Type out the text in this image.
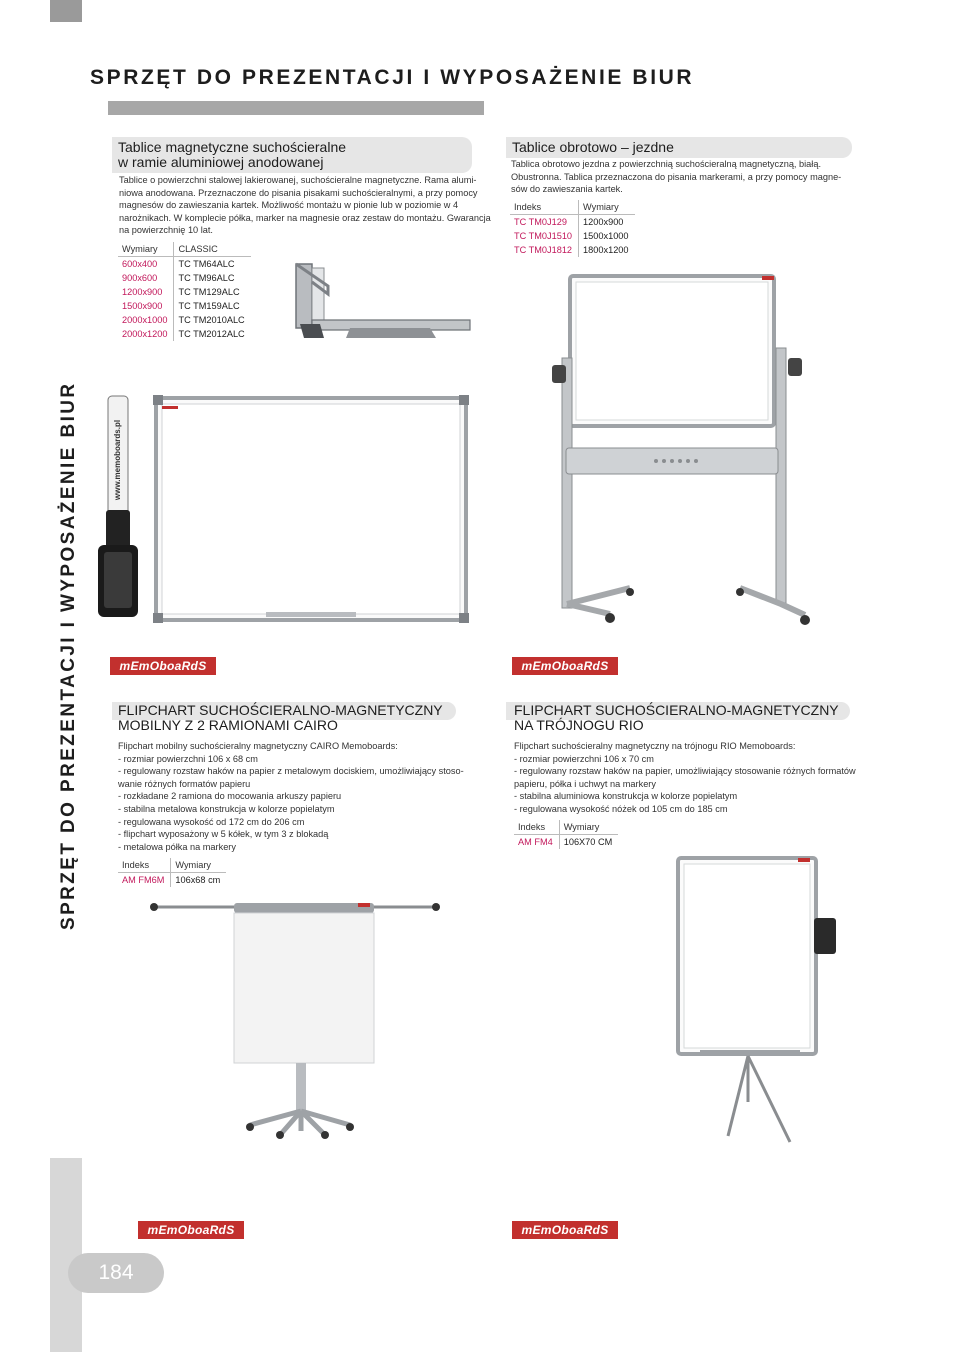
SPRZĘT DO PREZENTACJI I WYPOSAŻENIE BIUR
SPRZĘT DO PREZENTACJI I WYPOSAŻENIE BIUR
184
Tablice magnetyczne suchościeralne
w ramie aluminiowej anodowanej
Tablice o powierzchni stalowej lakierowanej, suchościeralne magnetyczne. Rama alumi-
niowa anodowana. Przeznaczone do pisania pisakami suchościeralnymi, a przy pomocy
magnesów do zawieszania kartek. Możliwość montażu w pionie lub w poziomie w 4
narożnikach. W komplecie półka, marker na magnesie oraz zestaw do montażu. Gwarancja
na powierzchnię 10 lat.
Wymiary	CLASSIC
600x400	TC TM64ALC
900x600	TC TM96ALC
1200x900	TC TM129ALC
1500x900	TC TM159ALC
2000x1000	TC TM2010ALC
2000x1200	TC TM2012ALC
www.memoboards.pl
mEmOboaRdS
Tablice obrotowo – jezdne
Tablica obrotowo jezdna z powierzchnią suchościeralną magnetyczną, białą.
Obustronna. Tablica przeznaczona do pisania markerami, a przy pomocy magne-
sów do zawieszania kartek.
Indeks	Wymiary
TC TM0J129	1200x900
TC TM0J1510	1500x1000
TC TM0J1812	1800x1200
mEmOboaRdS
FLIPCHART SUCHOŚCIERALNO-MAGNETYCZNY
MOBILNY Z 2 RAMIONAMI CAIRO
Flipchart mobilny suchościeralny magnetyczny CAIRO Memoboards:
- rozmiar powierzchni 106 x 68 cm
- regulowany rozstaw haków na papier z metalowym dociskiem, umożliwiający stoso-
wanie różnych formatów papieru
- rozkładane 2 ramiona do mocowania arkuszy papieru
- stabilna metalowa konstrukcja w kolorze popielatym
- regulowana wysokość od 172 cm do 206 cm
- flipchart wyposażony w 5 kółek, w tym 3 z blokadą
- metalowa półka na markery
Indeks	Wymiary
AM FM6M	106x68 cm
mEmOboaRdS
FLIPCHART SUCHOŚCIERALNO-MAGNETYCZNY
NA TRÓJNOGU RIO
Flipchart suchościeralny magnetyczny na trójnogu RIO Memoboards:
- rozmiar powierzchni 106 x 70 cm
- regulowany rozstaw haków na papier, umożliwiający stosowanie różnych formatów
papieru, półka i uchwyt na markery
- stabilna aluminiowa konstrukcja w kolorze popielatym
- regulowana wysokość nóżek od 105 cm do 185 cm
Indeks	Wymiary
AM FM4	106X70 CM
mEmOboaRdS
